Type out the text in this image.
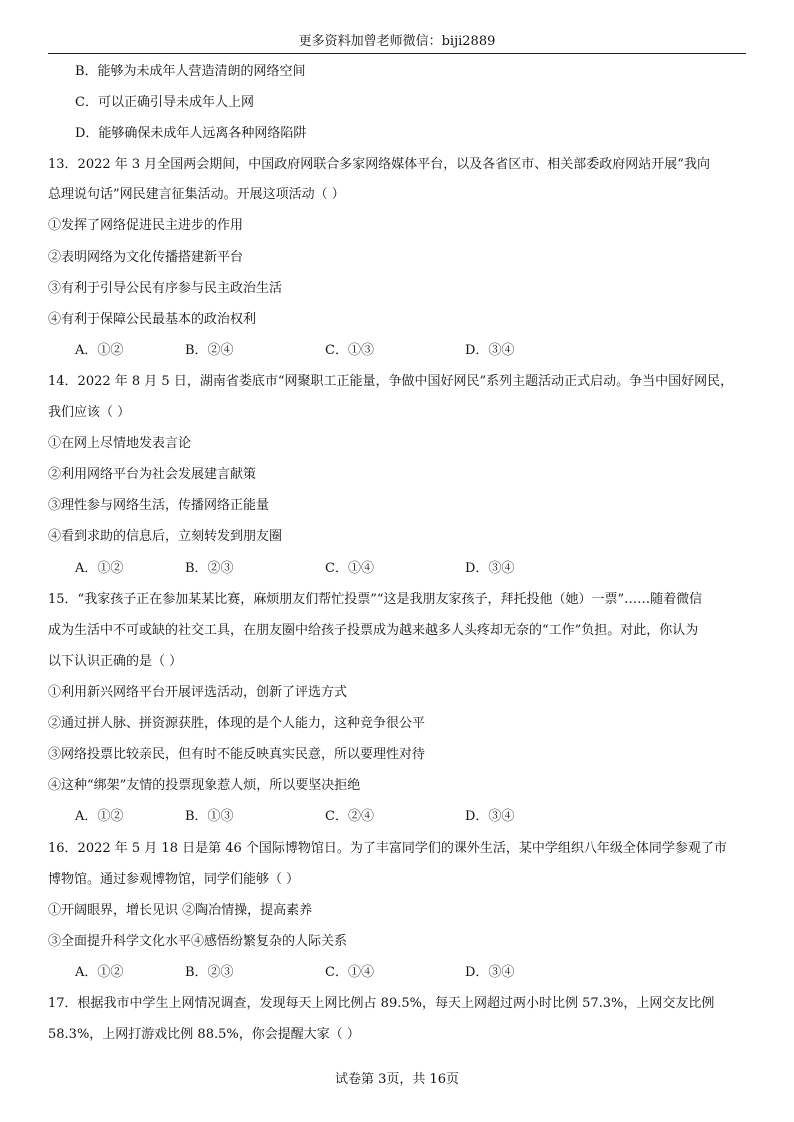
更多资料加曾老师微信：biji2889
B．能够为未成年人营造清朗的网络空间
C．可以正确引导未成年人上网
D．能够确保未成年人远离各种网络陷阱
13．2022 年 3 月全国两会期间，中国政府网联合多家网络媒体平台，以及各省区市、相关部委政府网站开展“我向
总理说句话”网民建言征集活动。开展这项活动（ ）
①发挥了网络促进民主进步的作用
②表明网络为文化传播搭建新平台
③有利于引导公民有序参与民主政治生活
④有利于保障公民最基本的政治权利
A．①②	B．②④	C．①③	D．③④
14．2022 年 8 月 5 日，湖南省娄底市“网聚职工正能量，争做中国好网民”系列主题活动正式启动。争当中国好网民，
我们应该（ ）
①在网上尽情地发表言论
②利用网络平台为社会发展建言献策
③理性参与网络生活，传播网络正能量
④看到求助的信息后，立刻转发到朋友圈
A．①②	B．②③	C．①④	D．③④
15．“我家孩子正在参加某某比赛，麻烦朋友们帮忙投票”“这是我朋友家孩子，拜托投他（她）一票”……随着微信
成为生活中不可或缺的社交工具，在朋友圈中给孩子投票成为越来越多人头疼却无奈的“工作”负担。对此，你认为
以下认识正确的是（ ）
①利用新兴网络平台开展评选活动，创新了评选方式
②通过拼人脉、拼资源获胜，体现的是个人能力，这种竞争很公平
③网络投票比较亲民，但有时不能反映真实民意，所以要理性对待
④这种“绑架”友情的投票现象惹人烦，所以要坚决拒绝
A．①②	B．①③	C．②④	D．③④
16．2022 年 5 月 18 日是第 46 个国际博物馆日。为了丰富同学们的课外生活，某中学组织八年级全体同学参观了市
博物馆。通过参观博物馆，同学们能够（ ）
①开阔眼界，增长见识 ②陶冶情操，提高素养
③全面提升科学文化水平④感悟纷繁复杂的人际关系
A．①②	B．②③	C．①④	D．③④
17．根据我市中学生上网情况调查，发现每天上网比例占 89.5%，每天上网超过两小时比例 57.3%，上网交友比例
58.3%，上网打游戏比例 88.5%，你会提醒大家（ ）
试卷第 3页，共 16页
